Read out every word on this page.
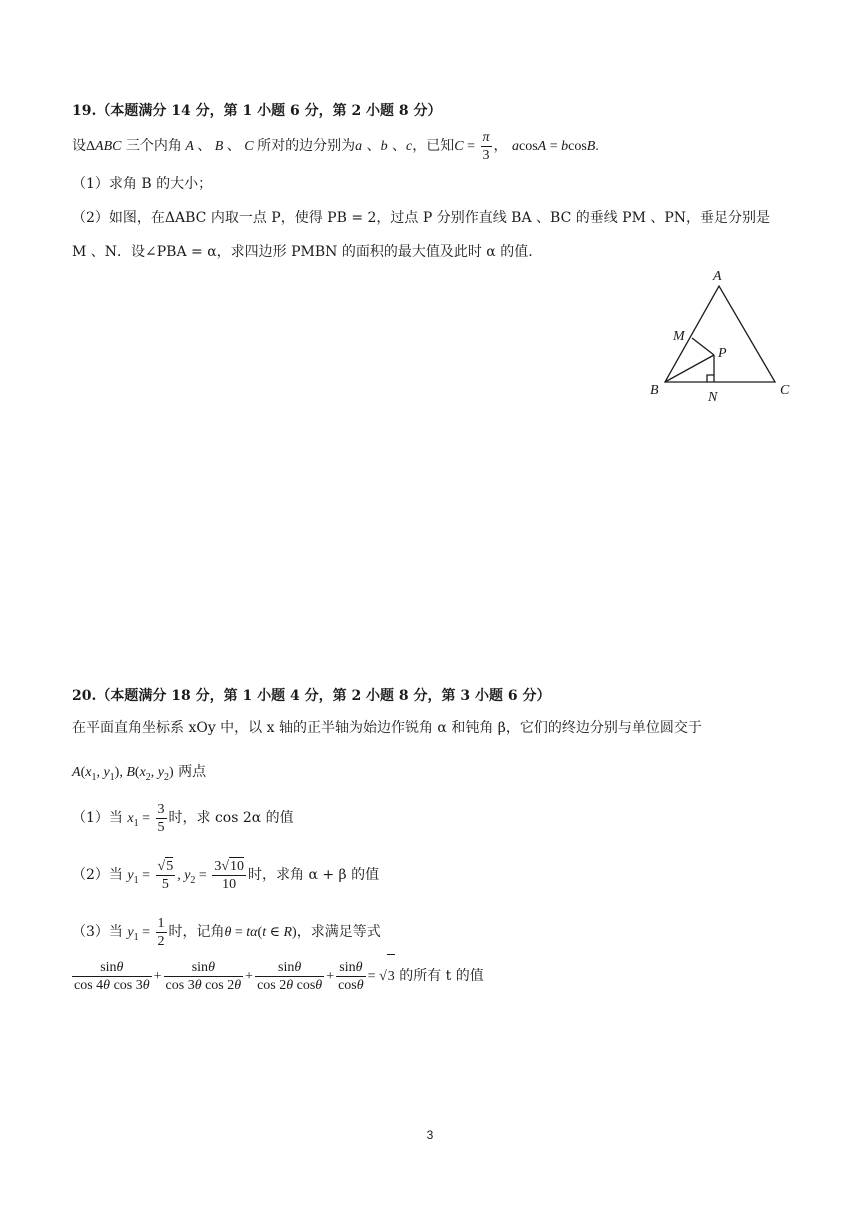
19.（本题满分 14 分，第 1 小题 6 分，第 2 小题 8 分）
设ΔABC 三个内角 A 、 B 、 C 所对的边分别为a 、b 、c，已知$C = \frac{\pi}{3}$ ， acosA = bcosB.
（1）求角 B 的大小；
（2）如图，在ΔABC 内取一点 P，使得 PB = 2，过点 P 分别作直线 BA 、BC 的垂线 PM 、PN，垂足分别是
M 、N．设∠PBA = α，求四边形 PMBN 的面积的最大值及此时 α 的值.
A
B	C
M
N
P
20.（本题满分 18 分，第 1 小题 4 分，第 2 小题 8 分，第 3 小题 6 分）
在平面直角坐标系 xOy 中，以 x 轴的正半轴为始边作锐角 α 和钝角 β，它们的终边分别与单位圆交于
$A(x_1$, $y_1$), $B(x_2$, $y_2$) 两点
（1）当 $x_1 = \frac{3}{5}$ 时，求 cos 2α 的值
（2）当 $y_1$ = √ $\frac{5}{5}$ , $y_2 = \frac{3 √ 10}{10}$ 时，求角 α + β 的值
（3）当 $y_1 = \frac{1}{2}$ 时，记角θ = tα(t ∈ R)，求满足等式
$\frac{\sin\theta}{\text{cos 4θ cos 3θ}} + \frac{\sin\theta}{\text{cos 3θ cos 2θ}} + \frac{\sin\theta}{\text{cos 2θ cosθ}} + \frac{\sin\theta}{\cos\theta}$ = √ 3 的所有 t 的值
3
